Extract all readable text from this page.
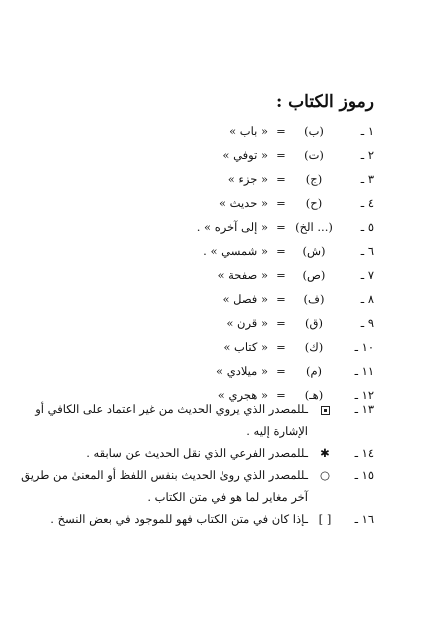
رموز الكتاب :
١ ـ
(ب)
=
« باب »
٢ ـ
(ت)
=
« توفي »
٣ ـ
(ج)
=
« جزء »
٤ ـ
(ح)
=
« حديث »
٥ ـ
(... الخ)
=
« إلى آخره » .
٦ ـ
(ش)
=
« شمسي » .
٧ ـ
(ص)
=
« صفحة »
٨ ـ
(ف)
=
« فصل »
٩ ـ
(ق)
=
« قرن »
١٠ ـ
(ك)
=
« كتاب »
١١ ـ
(م)
=
« ميلادي »
١٢ ـ
(هـ)
=
« هجري »
١٣ ـ
ـللمصدر الذي يروي الحديث من غير اعتماد على الكافي أو الإشارة إليه .
١٤ ـ
✱
ـللمصدر الفرعي الذي نقل الحديث عن سابقه .
١٥ ـ
○
ـللمصدر الذي روىٰ الحديث بنفس اللفظ أو المعنىٰ من طريق آخر مغاير لما هو في متن الكتاب .
١٦ ـ
[ ]
ـإذا كان في متن الكتاب فهو للموجود في بعض النسخ .
